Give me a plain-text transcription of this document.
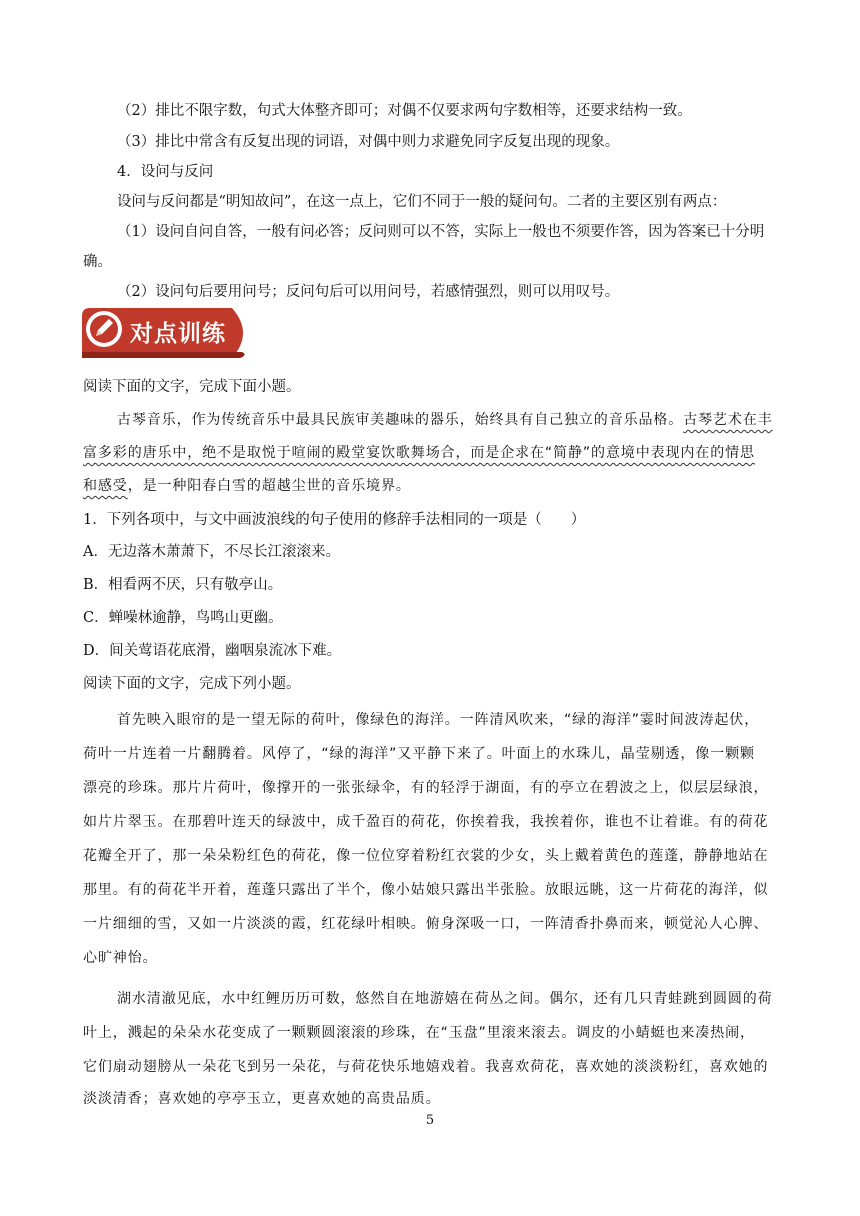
（2）排比不限字数，句式大体整齐即可；对偶不仅要求两句字数相等，还要求结构一致。
（3）排比中常含有反复出现的词语，对偶中则力求避免同字反复出现的现象。
4．设问与反问
设问与反问都是“明知故问”，在这一点上，它们不同于一般的疑问句。二者的主要区别有两点：
（1）设问自问自答，一般有问必答；反问则可以不答，实际上一般也不须要作答，因为答案已十分明
确。
（2）设问句后要用问号；反问句后可以用问号，若感情强烈，则可以用叹号。
对点训练
阅读下面的文字，完成下面小题。
古琴音乐，作为传统音乐中最具民族审美趣味的器乐，始终具有自己独立的音乐品格。古琴艺术在丰
富多彩的唐乐中，绝不是取悦于喧闹的殿堂宴饮歌舞场合，而是企求在“简静”的意境中表现内在的情思
和感受，是一种阳春白雪的超越尘世的音乐境界。
1．下列各项中，与文中画波浪线的句子使用的修辞手法相同的一项是（　　）
A．无边落木萧萧下，不尽长江滚滚来。
B．相看两不厌，只有敬亭山。
C．蝉噪林逾静，鸟鸣山更幽。
D．间关莺语花底滑，幽咽泉流冰下难。
阅读下面的文字，完成下列小题。
首先映入眼帘的是一望无际的荷叶，像绿色的海洋。一阵清风吹来，“绿的海洋”霎时间波涛起伏，
荷叶一片连着一片翻腾着。风停了，“绿的海洋”又平静下来了。叶面上的水珠儿，晶莹剔透，像一颗颗
漂亮的珍珠。那片片荷叶，像撑开的一张张绿伞，有的轻浮于湖面，有的亭立在碧波之上，似层层绿浪，
如片片翠玉。在那碧叶连天的绿波中，成千盈百的荷花，你挨着我，我挨着你，谁也不让着谁。有的荷花
花瓣全开了，那一朵朵粉红色的荷花，像一位位穿着粉红衣裳的少女，头上戴着黄色的莲蓬，静静地站在
那里。有的荷花半开着，莲蓬只露出了半个，像小姑娘只露出半张脸。放眼远眺，这一片荷花的海洋，似
一片细细的雪，又如一片淡淡的霞，红花绿叶相映。俯身深吸一口，一阵清香扑鼻而来，顿觉沁人心脾、
心旷神怡。
湖水清澈见底，水中红鲤历历可数，悠然自在地游嬉在荷丛之间。偶尔，还有几只青蛙跳到圆圆的荷
叶上，溅起的朵朵水花变成了一颗颗圆滚滚的珍珠，在“玉盘”里滚来滚去。调皮的小蜻蜓也来凑热闹，
它们扇动翅膀从一朵花飞到另一朵花，与荷花快乐地嬉戏着。我喜欢荷花，喜欢她的淡淡粉红，喜欢她的
淡淡清香；喜欢她的亭亭玉立，更喜欢她的高贵品质。
5
